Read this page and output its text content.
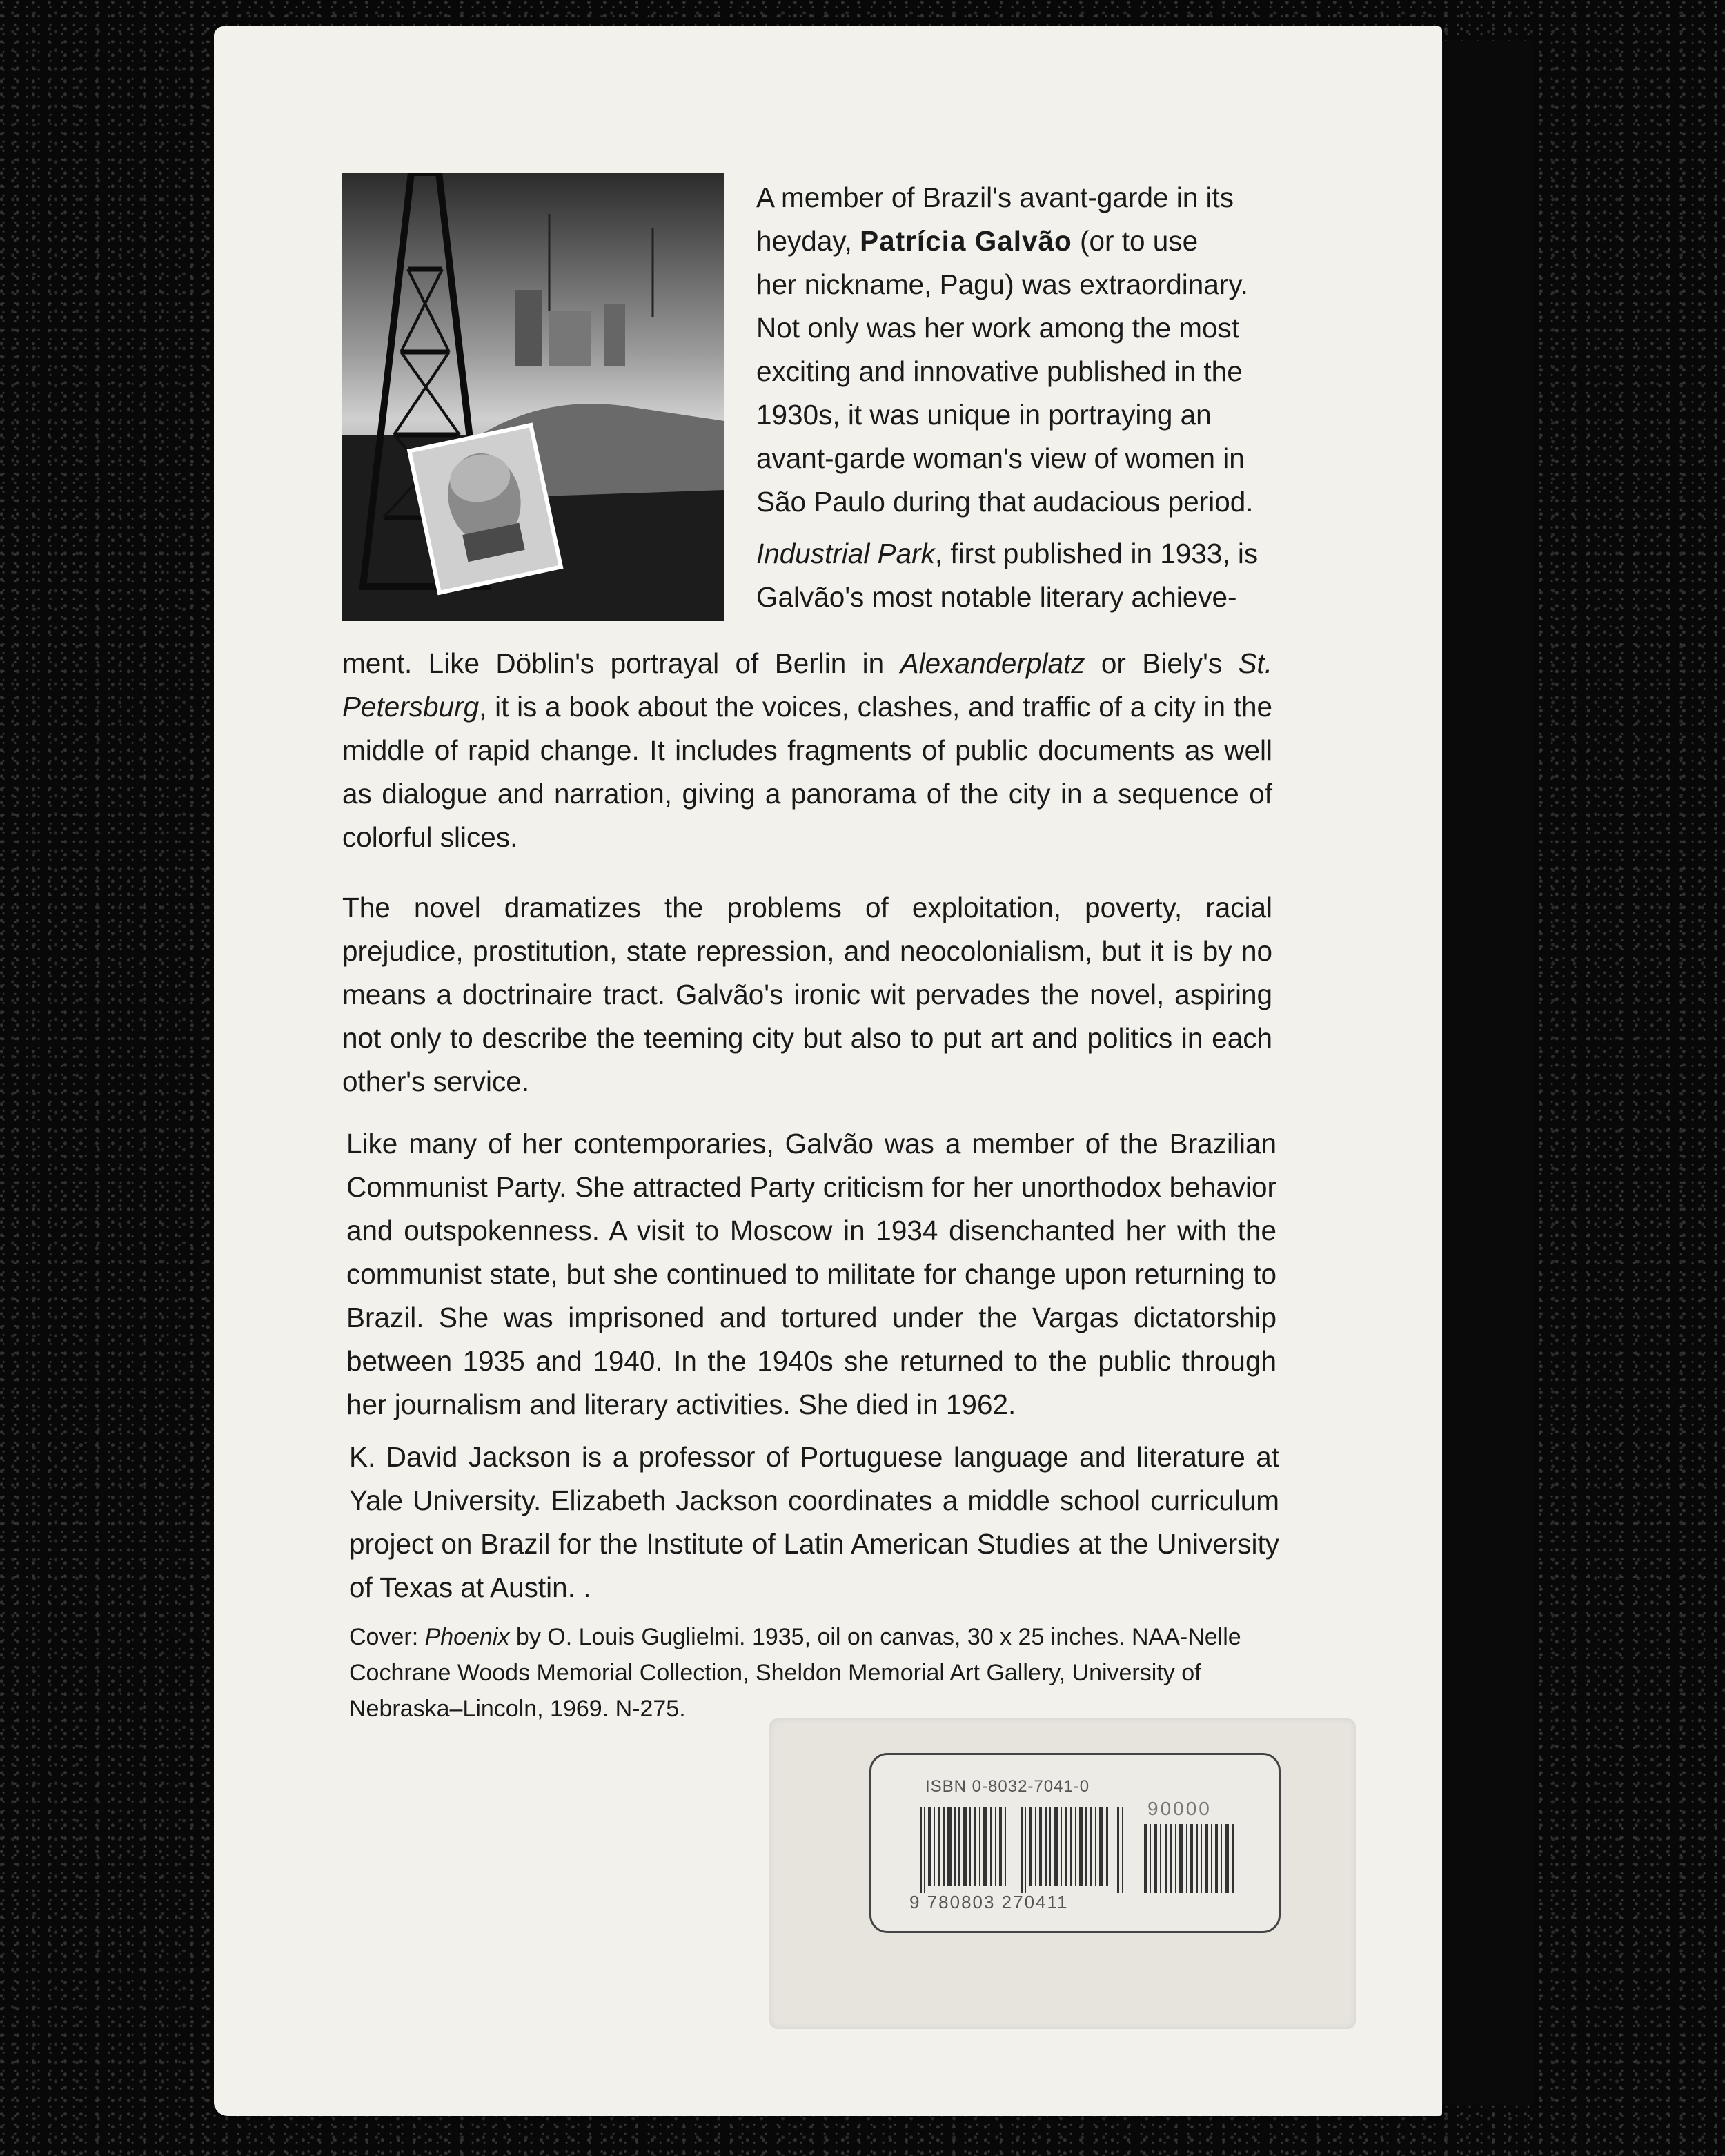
A member of Brazil's avant-garde in its

heyday, Patrícia Galvão (or to use

her nickname, Pagu) was extraordinary.

Not only was her work among the most

exciting and innovative published in the

1930s, it was unique in portraying an

avant-garde woman's view of women in

São Paulo during that audacious period.

Industrial Park, first published in 1933, is

Galvão's most notable literary achieve-

ment. Like Döblin's portrayal of Berlin in Alexanderplatz or Biely's St. Petersburg, it is a book about the voices, clashes, and traffic of a city in the middle of rapid change. It includes fragments of public documents as well as dialogue and narration, giving a panorama of the city in a sequence of colorful slices.

The novel dramatizes the problems of exploitation, poverty, racial prejudice, prostitution, state repression, and neocolonialism, but it is by no means a doctrinaire tract. Galvão's ironic wit pervades the novel, aspiring not only to describe the teeming city but also to put art and politics in each other's service.

Like many of her contemporaries, Galvão was a member of the Brazilian Communist Party. She attracted Party criticism for her unorthodox behavior and outspokenness. A visit to Moscow in 1934 disenchanted her with the communist state, but she continued to militate for change upon returning to Brazil. She was imprisoned and tortured under the Vargas dictatorship between 1935 and 1940. In the 1940s she returned to the public through her journalism and literary activities. She died in 1962.

K. David Jackson is a professor of Portuguese language and literature at Yale University. Elizabeth Jackson coordinates a middle school curriculum project on Brazil for the Institute of Latin American Studies at the University of Texas at Austin. .

Cover: Phoenix by O. Louis Guglielmi. 1935, oil on canvas, 30 x 25 inches. NAA-Nelle Cochrane Woods Memorial Collection, Sheldon Memorial Art Gallery, University of Nebraska–Lincoln, 1969. N-275.

ISBN 0-8032-7041-0
90000
9 780803 270411
